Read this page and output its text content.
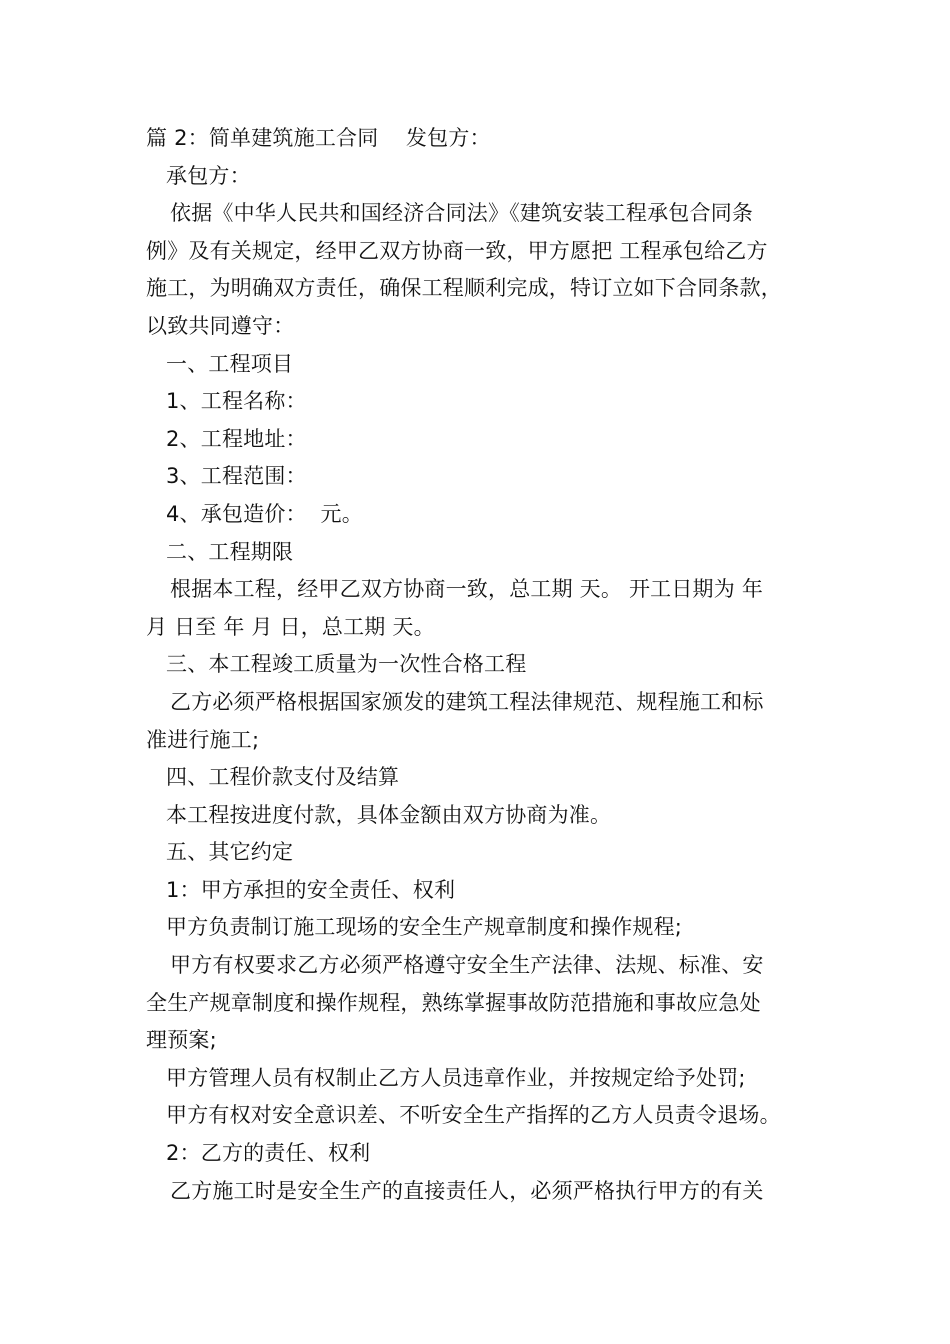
篇 2：简单建筑施工合同    发包方：
承包方：
依据《中华人民共和国经济合同法》《建筑安装工程承包合同条
例》及有关规定，经甲乙双方协商一致，甲方愿把 工程承包给乙方
施工，为明确双方责任，确保工程顺利完成，特订立如下合同条款，
以致共同遵守：
一、工程项目
1、工程名称：
2、工程地址：
3、工程范围：
4、承包造价：  元。
二、工程期限
根据本工程，经甲乙双方协商一致，总工期 天。 开工日期为 年
月 日至 年 月 日，总工期 天。
三、本工程竣工质量为一次性合格工程
乙方必须严格根据国家颁发的建筑工程法律规范、规程施工和标
准进行施工;
四、工程价款支付及结算
本工程按进度付款，具体金额由双方协商为准。
五、其它约定
1：甲方承担的安全责任、权利
甲方负责制订施工现场的安全生产规章制度和操作规程;
甲方有权要求乙方必须严格遵守安全生产法律、法规、标准、安
全生产规章制度和操作规程，熟练掌握事故防范措施和事故应急处
理预案;
甲方管理人员有权制止乙方人员违章作业，并按规定给予处罚;
甲方有权对安全意识差、不听安全生产指挥的乙方人员责令退场。
2：乙方的责任、权利
乙方施工时是安全生产的直接责任人，必须严格执行甲方的有关
